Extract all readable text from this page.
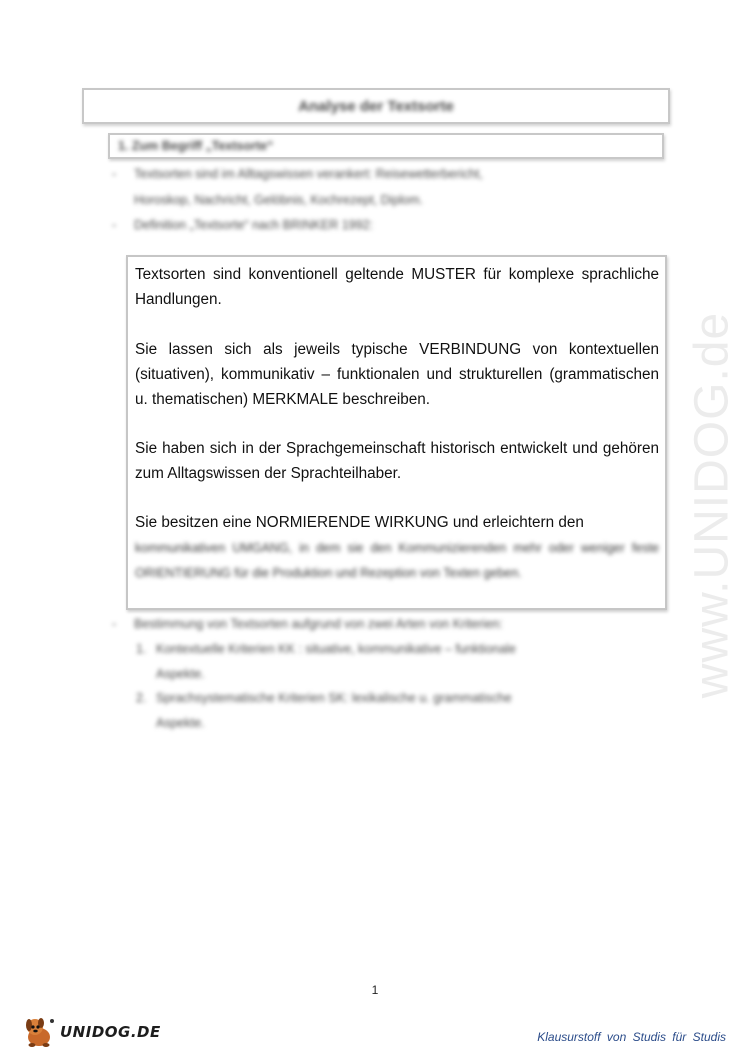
www.UNIDOG.de
Analyse der Textsorte
1. Zum Begriff „Textsorte“
- Textsorten sind im Alltagswissen verankert: Reisewetterbericht,
Horoskop, Nachricht, Gelöbnis, Kochrezept, Diplom.
- Definition „Textsorte“ nach BRINKER 1992:
Textsorten sind konventionell geltende MUSTER für komplexe sprachliche Handlungen.
Sie lassen sich als jeweils typische VERBINDUNG von kontextuellen (situativen), kommunikativ – funktionalen und strukturellen (grammatischen u. thematischen) MERKMALE beschreiben.
Sie haben sich in der Sprachgemeinschaft historisch entwickelt und gehören zum Alltagswissen der Sprachteilhaber.
Sie besitzen eine NORMIERENDE WIRKUNG und erleichtern den
kommunikativen UMGANG, in dem sie den Kommunizierenden mehr oder weniger feste ORIENTIERUNG für die Produktion und Rezeption von Texten geben.
- Bestimmung von Textsorten aufgrund von zwei Arten von Kriterien:
1. Kontextuelle Kriterien KK : situative, kommunikative – funktionale
Aspekte.
2. Sprachsystematische Kriterien SK: lexikalische u. grammatische
Aspekte.
1
UNIDOG.DE	Klausurstoff von Studis für Studis
